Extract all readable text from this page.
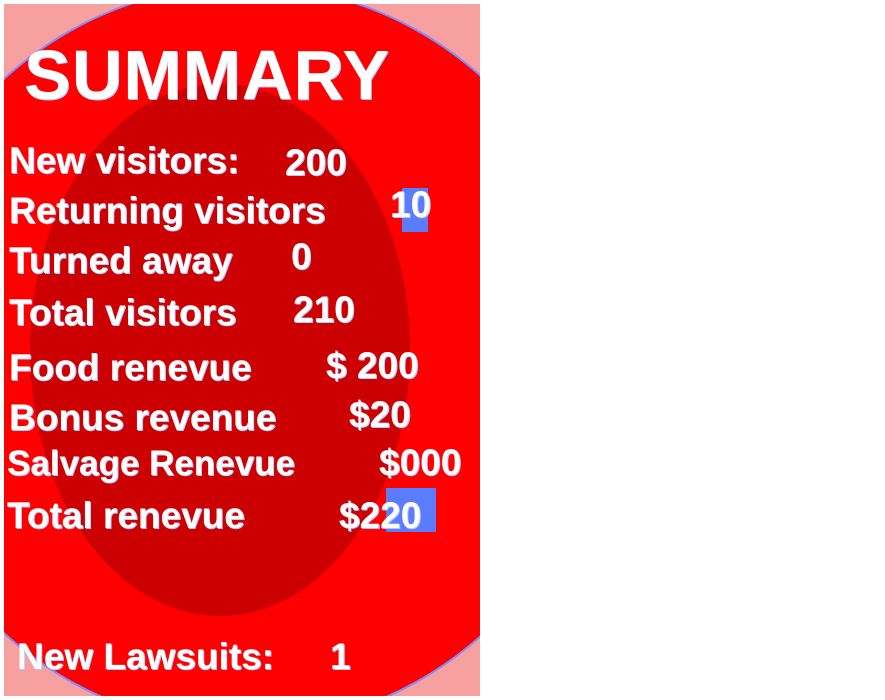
SUMMARY
New visitors: 200
Returning visitors 10
Turned away 0
Total visitors 210
Food renevue $ 200
Bonus revenue $20
Salvage Renevue $000
Total renevue	$220
New Lawsuits: 1
